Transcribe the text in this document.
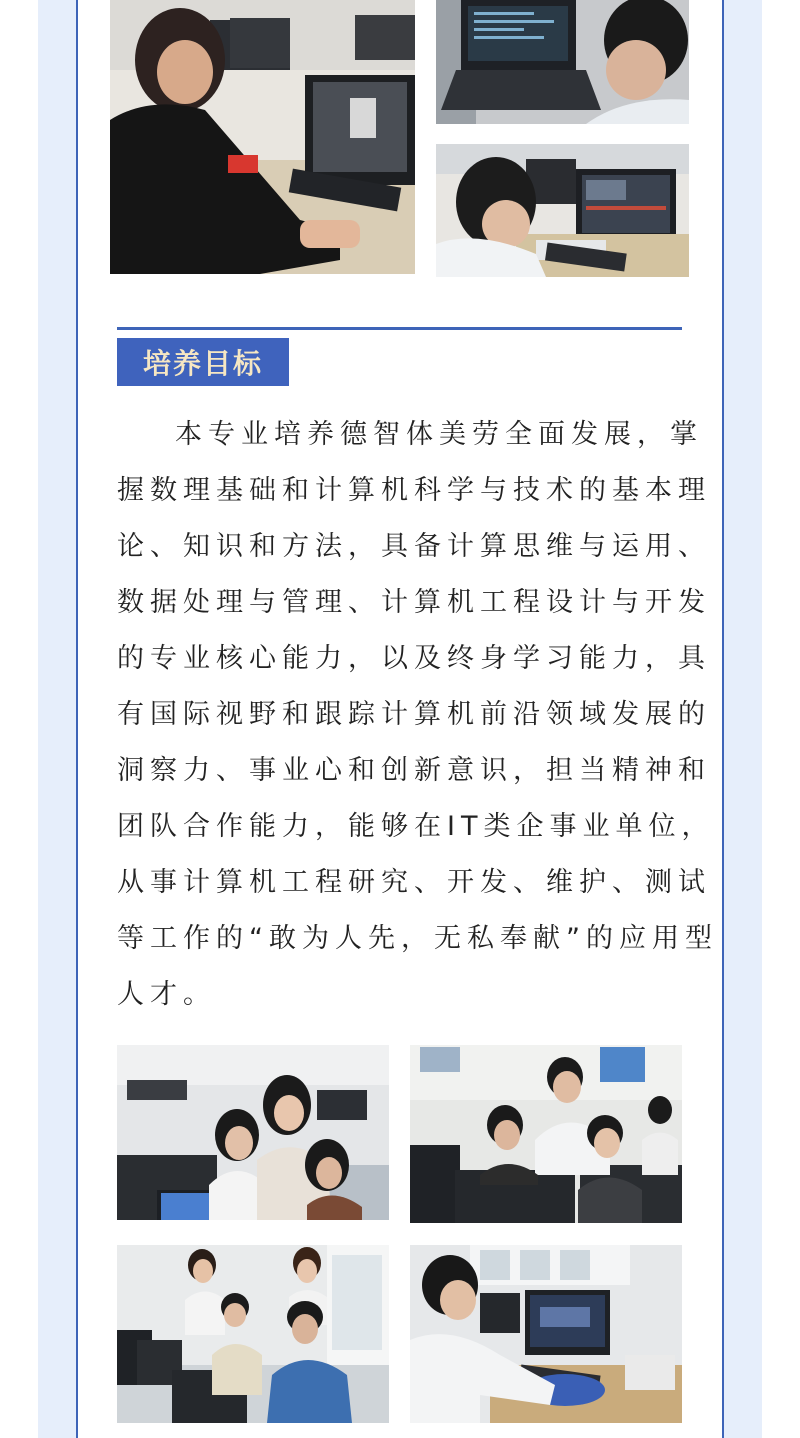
培养目标
本专业培养德智体美劳全面发展，掌
握数理基础和计算机科学与技术的基本理
论、知识和方法，具备计算思维与运用、
数据处理与管理、计算机工程设计与开发
的专业核心能力，以及终身学习能力，具
有国际视野和跟踪计算机前沿领域发展的
洞察力、事业心和创新意识，担当精神和
团队合作能力，能够在IT类企事业单位，
从事计算机工程研究、开发、维护、测试
等工作的“敢为人先，无私奉献”的应用型
人才。
